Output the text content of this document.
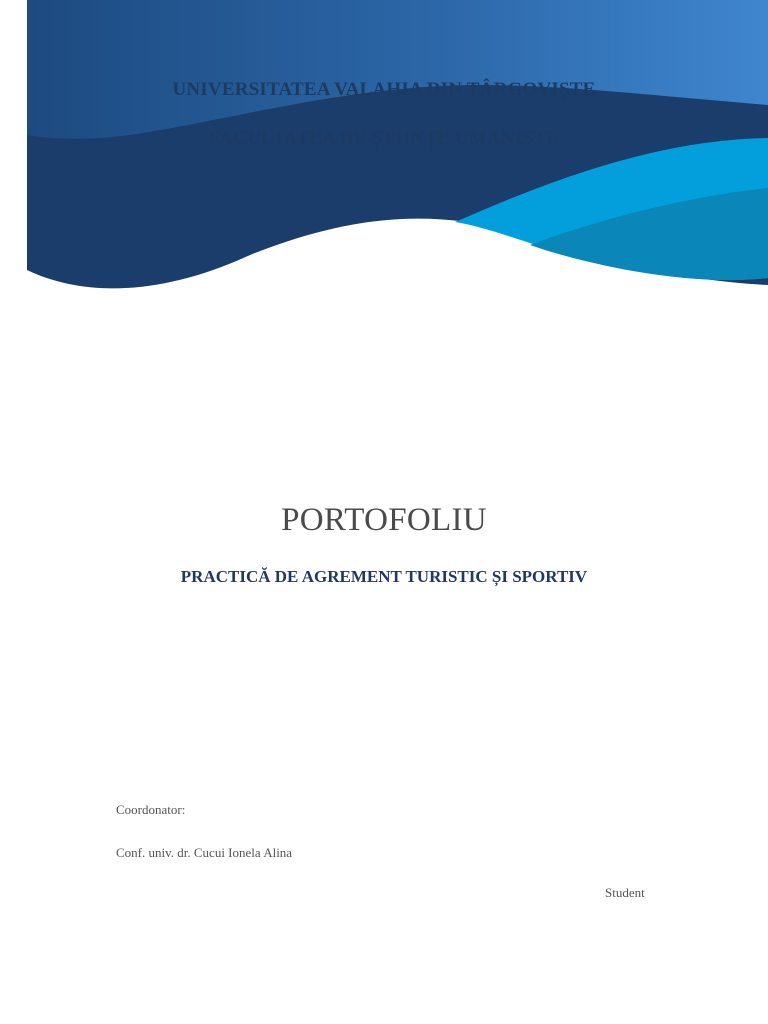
UNIVERSITATEA VALAHIA DIN TÂRGOVIȘTE
FACULTATEA DE ȘTIINȚE UMANISTE
PORTOFOLIU
PRACTICĂ DE AGREMENT TURISTIC ȘI SPORTIV
Coordonator:
Conf. univ. dr. Cucui Ionela Alina
Student
